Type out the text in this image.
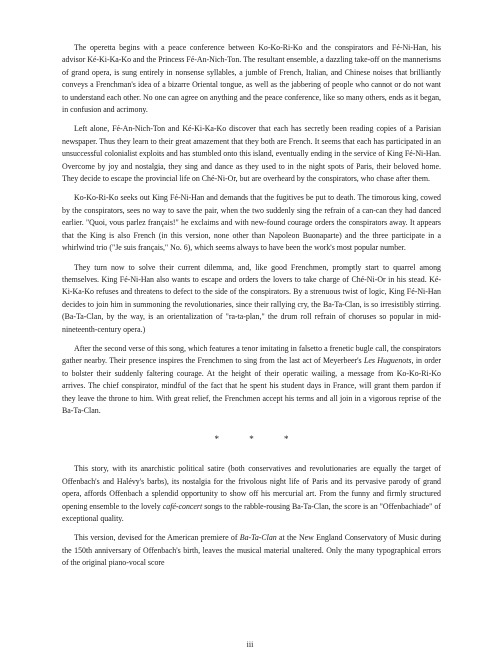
The operetta begins with a peace conference between Ko-Ko-Ri-Ko and the conspirators and Fé-Ni-Han, his advisor Ké-Ki-Ka-Ko and the Princess Fé-An-Nich-Ton. The resultant ensemble, a dazzling take-off on the mannerisms of grand opera, is sung entirely in nonsense syllables, a jumble of French, Italian, and Chinese noises that brilliantly conveys a Frenchman's idea of a bizarre Oriental tongue, as well as the jabbering of people who cannot or do not want to understand each other. No one can agree on anything and the peace conference, like so many others, ends as it began, in confusion and acrimony.

Left alone, Fé-An-Nich-Ton and Ké-Ki-Ka-Ko discover that each has secretly been reading copies of a Parisian newspaper. Thus they learn to their great amazement that they both are French. It seems that each has participated in an unsuccessful colonialist exploits and has stumbled onto this island, eventually ending in the service of King Fé-Ni-Han. Overcome by joy and nostalgia, they sing and dance as they used to in the night spots of Paris, their beloved home. They decide to escape the provincial life on Ché-Ni-Or, but are overheard by the conspirators, who chase after them.

Ko-Ko-Ri-Ko seeks out King Fé-Ni-Han and demands that the fugitives be put to death. The timorous king, cowed by the conspirators, sees no way to save the pair, when the two suddenly sing the refrain of a can-can they had danced earlier. "Quoi, vous parlez français!" he exclaims and with new-found courage orders the conspirators away. It appears that the King is also French (in this version, none other than Napoleon Buonaparte) and the three participate in a whirlwind trio ("Je suis français," No. 6), which seems always to have been the work's most popular number.

They turn now to solve their current dilemma, and, like good Frenchmen, promptly start to quarrel among themselves. King Fé-Ni-Han also wants to escape and orders the lovers to take charge of Ché-Ni-Or in his stead. Ké-Ki-Ka-Ko refuses and threatens to defect to the side of the conspirators. By a strenuous twist of logic, King Fé-Ni-Han decides to join him in summoning the revolutionaries, since their rallying cry, the Ba-Ta-Clan, is so irresistibly stirring. (Ba-Ta-Clan, by the way, is an orientalization of "ra-ta-plan," the drum roll refrain of choruses so popular in mid-nineteenth-century opera.)

After the second verse of this song, which features a tenor imitating in falsetto a frenetic bugle call, the conspirators gather nearby. Their presence inspires the Frenchmen to sing from the last act of Meyerbeer's Les Huguenots, in order to bolster their suddenly faltering courage. At the height of their operatic wailing, a message from Ko-Ko-Ri-Ko arrives. The chief conspirator, mindful of the fact that he spent his student days in France, will grant them pardon if they leave the throne to him. With great relief, the Frenchmen accept his terms and all join in a vigorous reprise of the Ba-Ta-Clan.

* * *

This story, with its anarchistic political satire (both conservatives and revolutionaries are equally the target of Offenbach's and Halévy's barbs), its nostalgia for the frivolous night life of Paris and its pervasive parody of grand opera, affords Offenbach a splendid opportunity to show off his mercurial art. From the funny and firmly structured opening ensemble to the lovely café-concert songs to the rabble-rousing Ba-Ta-Clan, the score is an "Offenbachiade" of exceptional quality.

This version, devised for the American premiere of Ba-Ta-Clan at the New England Conservatory of Music during the 150th anniversary of Offenbach's birth, leaves the musical material unaltered. Only the many typographical errors of the original piano-vocal score

iii
